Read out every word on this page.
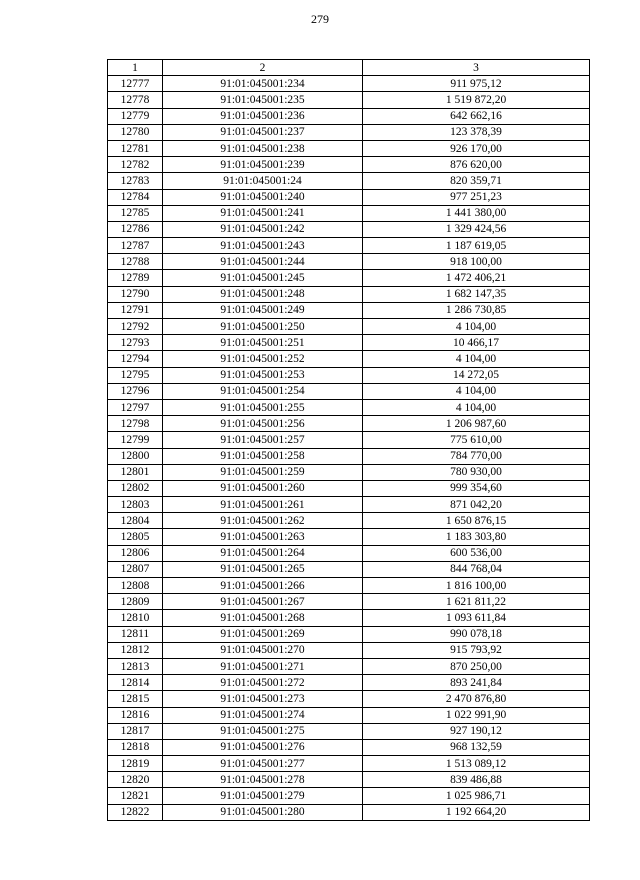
279
1	2	3
12777	91:01:045001:234	911 975,12
12778	91:01:045001:235	1 519 872,20
12779	91:01:045001:236	642 662,16
12780	91:01:045001:237	123 378,39
12781	91:01:045001:238	926 170,00
12782	91:01:045001:239	876 620,00
12783	91:01:045001:24	820 359,71
12784	91:01:045001:240	977 251,23
12785	91:01:045001:241	1 441 380,00
12786	91:01:045001:242	1 329 424,56
12787	91:01:045001:243	1 187 619,05
12788	91:01:045001:244	918 100,00
12789	91:01:045001:245	1 472 406,21
12790	91:01:045001:248	1 682 147,35
12791	91:01:045001:249	1 286 730,85
12792	91:01:045001:250	4 104,00
12793	91:01:045001:251	10 466,17
12794	91:01:045001:252	4 104,00
12795	91:01:045001:253	14 272,05
12796	91:01:045001:254	4 104,00
12797	91:01:045001:255	4 104,00
12798	91:01:045001:256	1 206 987,60
12799	91:01:045001:257	775 610,00
12800	91:01:045001:258	784 770,00
12801	91:01:045001:259	780 930,00
12802	91:01:045001:260	999 354,60
12803	91:01:045001:261	871 042,20
12804	91:01:045001:262	1 650 876,15
12805	91:01:045001:263	1 183 303,80
12806	91:01:045001:264	600 536,00
12807	91:01:045001:265	844 768,04
12808	91:01:045001:266	1 816 100,00
12809	91:01:045001:267	1 621 811,22
12810	91:01:045001:268	1 093 611,84
12811	91:01:045001:269	990 078,18
12812	91:01:045001:270	915 793,92
12813	91:01:045001:271	870 250,00
12814	91:01:045001:272	893 241,84
12815	91:01:045001:273	2 470 876,80
12816	91:01:045001:274	1 022 991,90
12817	91:01:045001:275	927 190,12
12818	91:01:045001:276	968 132,59
12819	91:01:045001:277	1 513 089,12
12820	91:01:045001:278	839 486,88
12821	91:01:045001:279	1 025 986,71
12822	91:01:045001:280	1 192 664,20
